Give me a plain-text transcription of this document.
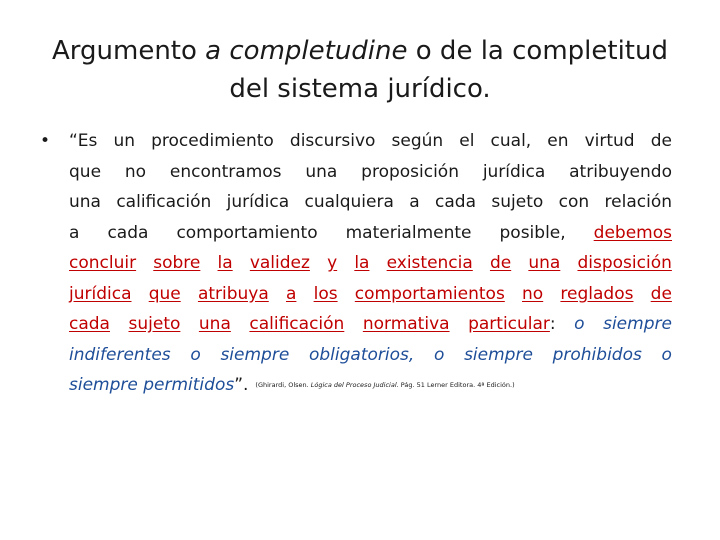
Argumento a completudine o de la completitud
del sistema jurídico.
• “Es un procedimiento discursivo según el cual, en virtud de
que no encontramos una proposición jurídica atribuyendo
una calificación jurídica cualquiera a cada sujeto con relación
a cada comportamiento materialmente posible, debemos
concluir sobre la validez y la existencia de una disposición
jurídica que atribuya a los comportamientos no reglados de
cada sujeto una calificación normativa particular: o siempre
indiferentes o siempre obligatorios, o siempre prohibidos o
siempre permitidos ”. (Ghirardi, Olsen. Lógica del Proceso Judicial. Pág. 51 Lerner Editora. 4ª Edición.)
